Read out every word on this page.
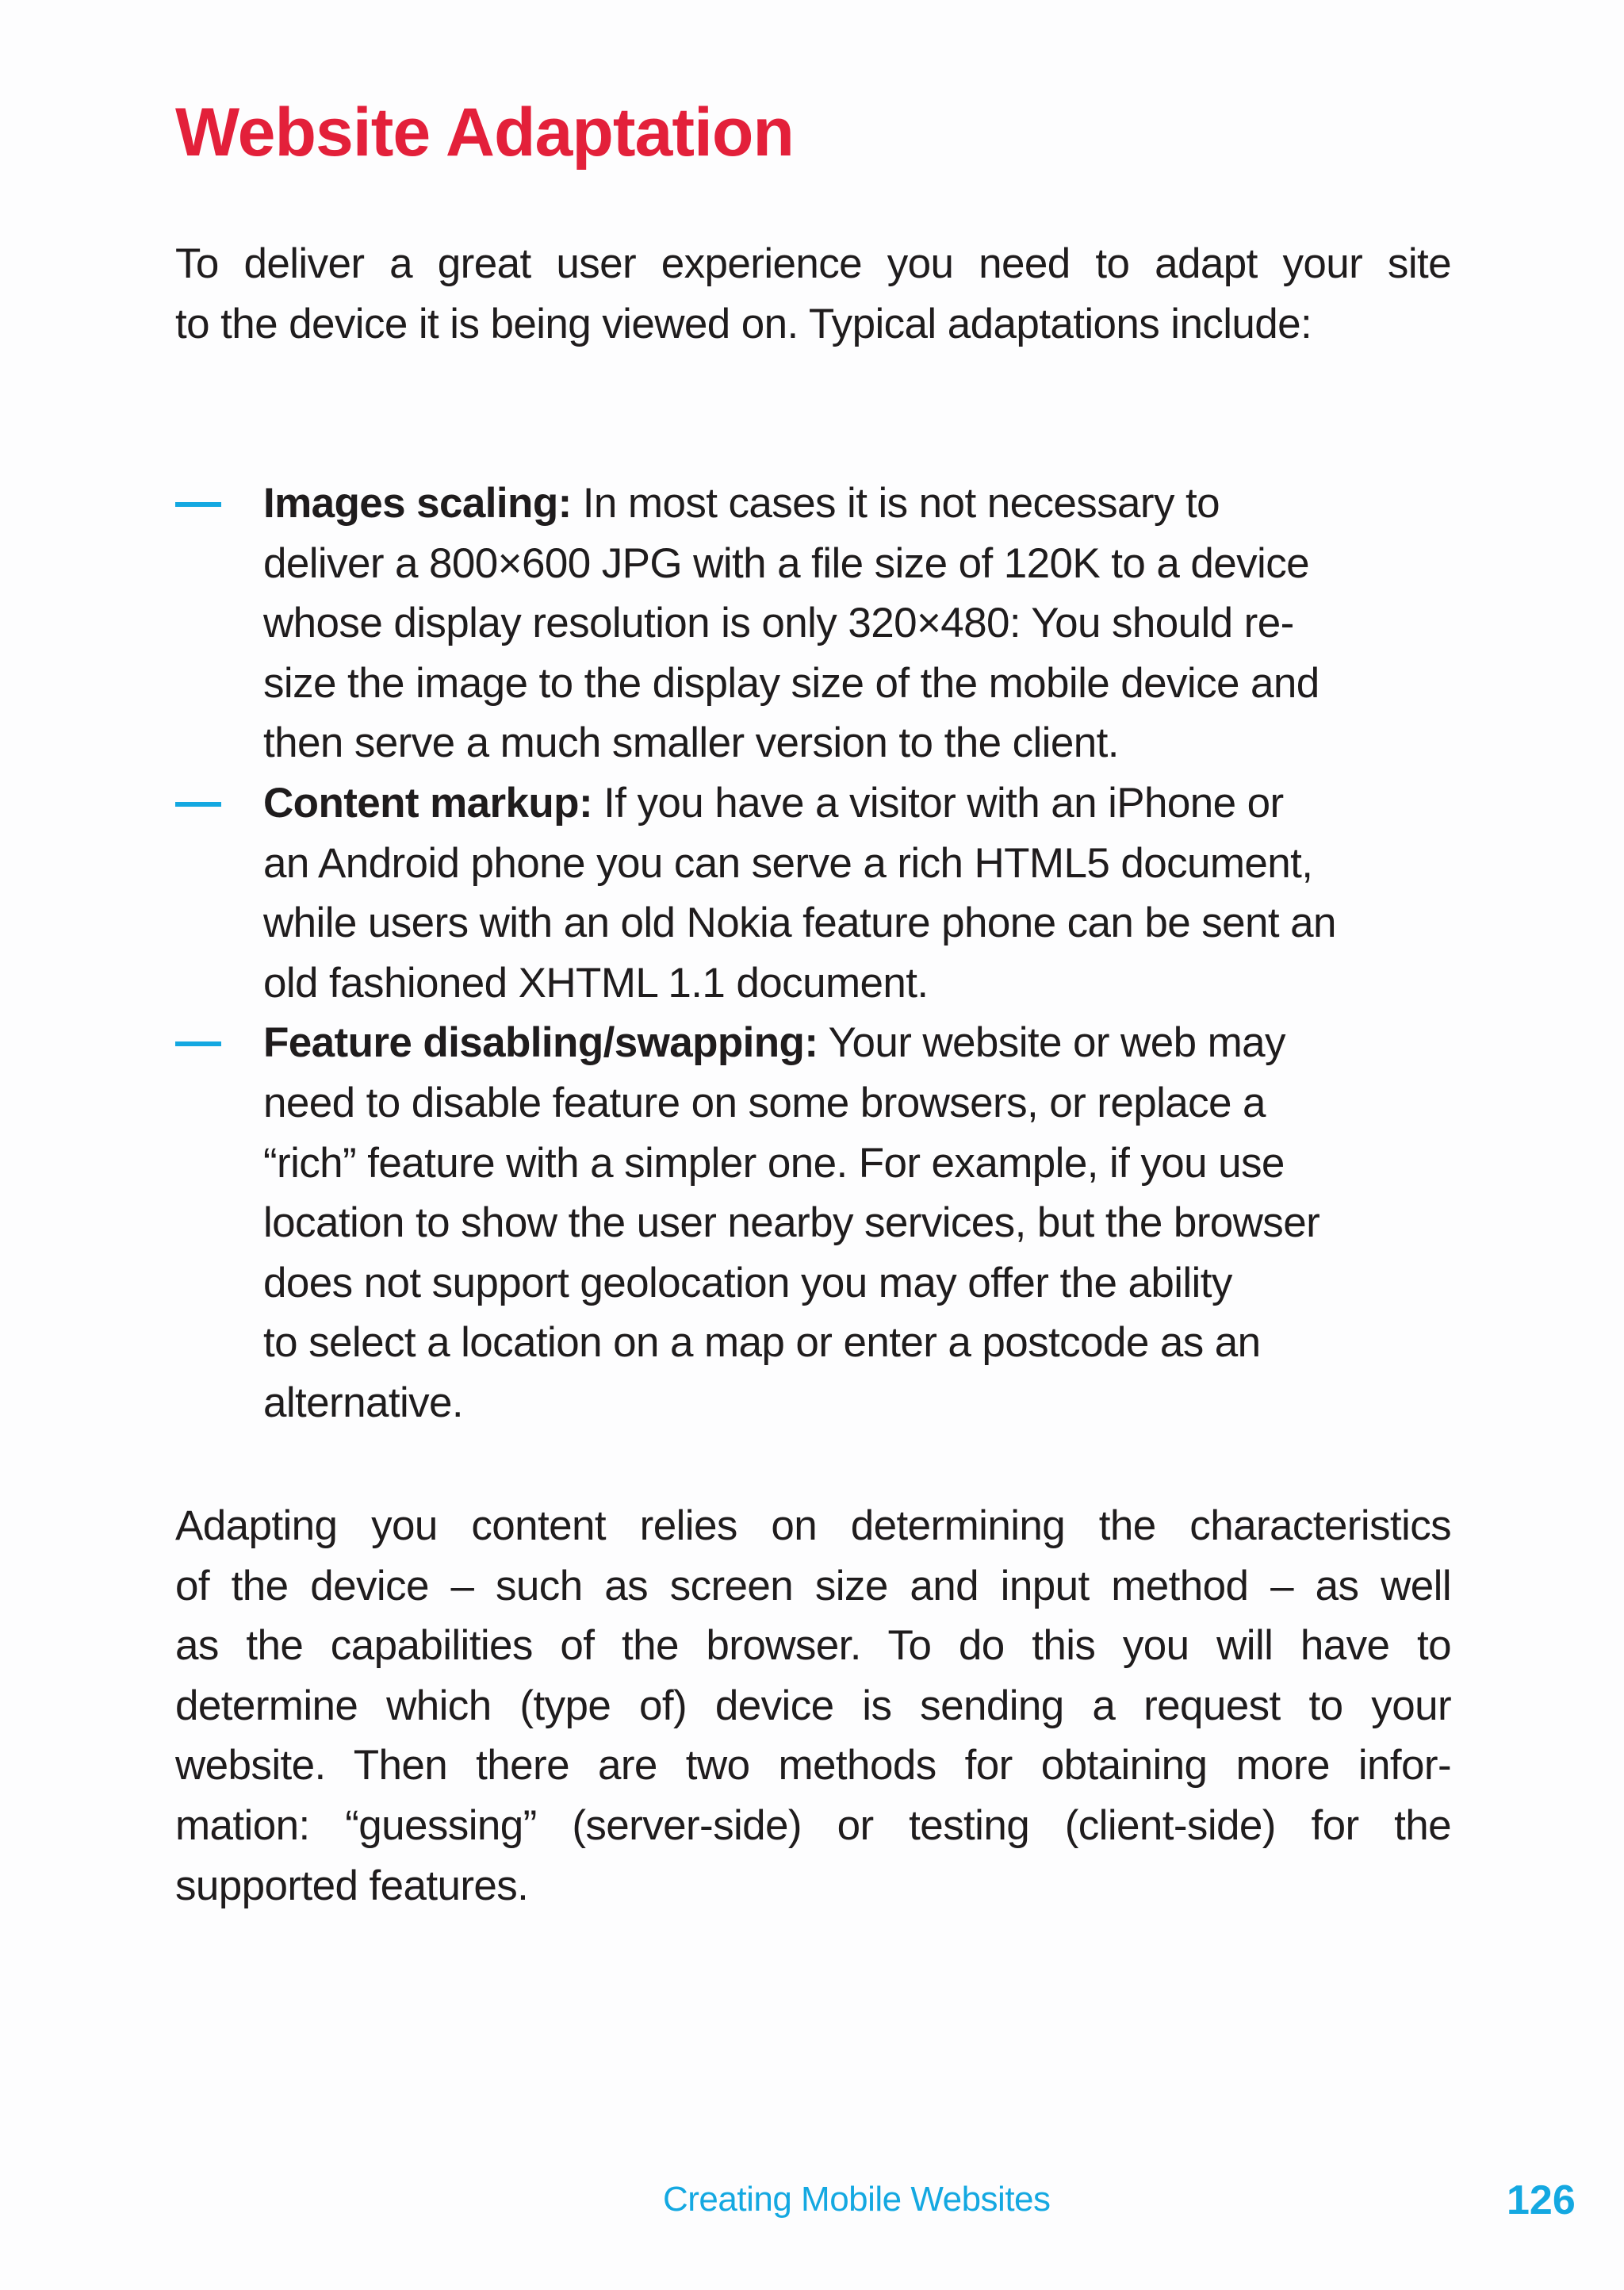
Website Adaptation
To deliver a great user experience you need to adapt your site
to the device it is being viewed on. Typical adaptations include:
Images scaling: In most cases it is not necessary to
deliver a 800×600 JPG with a file size of 120K to a device
whose display resolution is only 320×480: You should re-
size the image to the display size of the mobile device and
then serve a much smaller version to the client.
Content markup: If you have a visitor with an iPhone or
an Android phone you can serve a rich HTML5 document,
while users with an old Nokia feature phone can be sent an
old fashioned XHTML 1.1 document.
Feature disabling/swapping: Your website or web may
need to disable feature on some browsers, or replace a
“rich” feature with a simpler one. For example, if you use
location to show the user nearby services, but the browser
does not support geolocation you may offer the ability
to select a location on a map or enter a postcode as an
alternative.
Adapting you content relies on determining the characteristics
of the device – such as screen size and input method – as well
as the capabilities of the browser. To do this you will have to
determine which (type of) device is sending a request to your
website. Then there are two methods for obtaining more infor-
mation: “guessing” (server-side) or testing (client-side) for the
supported features.
Creating Mobile Websites	126
